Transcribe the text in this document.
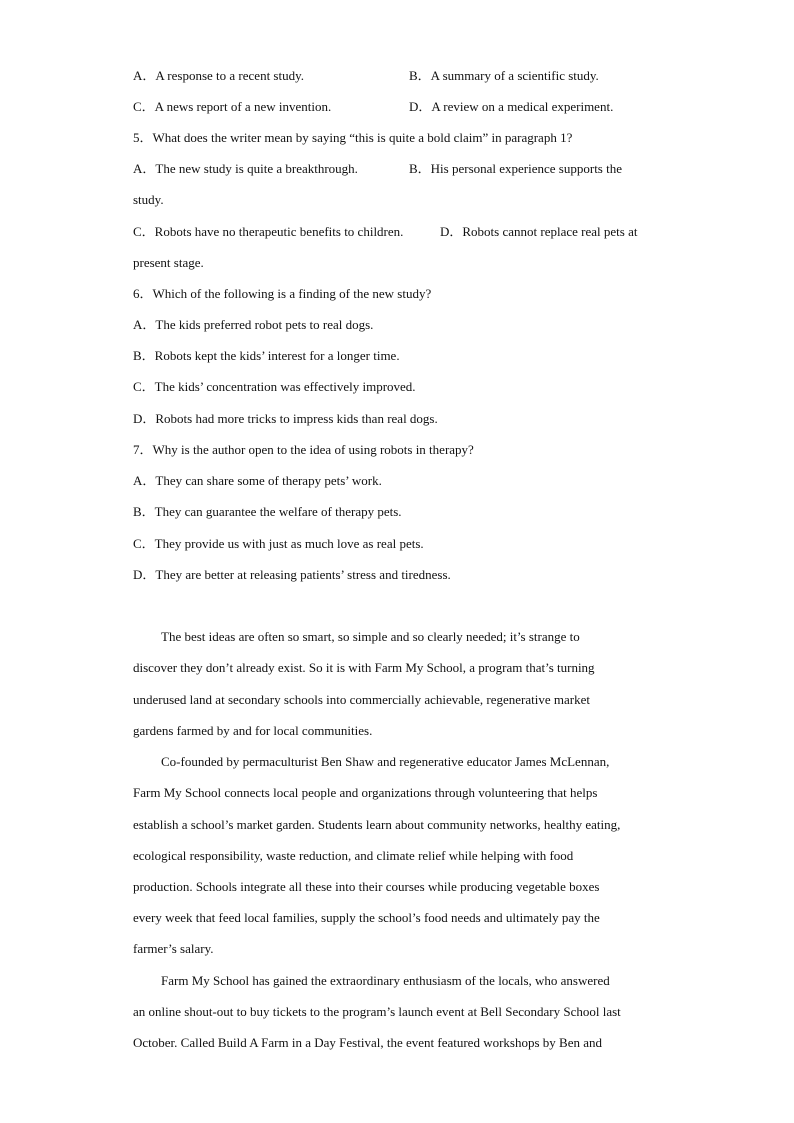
A．A response to a recent study.	B．A summary of a scientific study.
C．A news report of a new invention.	D．A review on a medical experiment.
5．What does the writer mean by saying “this is quite a bold claim” in paragraph 1?
A．The new study is quite a breakthrough.	B．His personal experience supports the
study.
C．Robots have no therapeutic benefits to children.	D．Robots cannot replace real pets at
present stage.
6．Which of the following is a finding of the new study?
A．The kids preferred robot pets to real dogs.
B．Robots kept the kids’ interest for a longer time.
C．The kids’ concentration was effectively improved.
D．Robots had more tricks to impress kids than real dogs.
7．Why is the author open to the idea of using robots in therapy?
A．They can share some of therapy pets’ work.
B．They can guarantee the welfare of therapy pets.
C．They provide us with just as much love as real pets.
D．They are better at releasing patients’ stress and tiredness.
The best ideas are often so smart, so simple and so clearly needed; it’s strange to
discover they don’t already exist. So it is with Farm My School, a program that’s turning
underused land at secondary schools into commercially achievable, regenerative market
gardens farmed by and for local communities.
Co-founded by permaculturist Ben Shaw and regenerative educator James McLennan,
Farm My School connects local people and organizations through volunteering that helps
establish a school’s market garden. Students learn about community networks, healthy eating,
ecological responsibility, waste reduction, and climate relief while helping with food
production. Schools integrate all these into their courses while producing vegetable boxes
every week that feed local families, supply the school’s food needs and ultimately pay the
farmer’s salary.
Farm My School has gained the extraordinary enthusiasm of the locals, who answered
an online shout-out to buy tickets to the program’s launch event at Bell Secondary School last
October. Called Build A Farm in a Day Festival, the event featured workshops by Ben and
